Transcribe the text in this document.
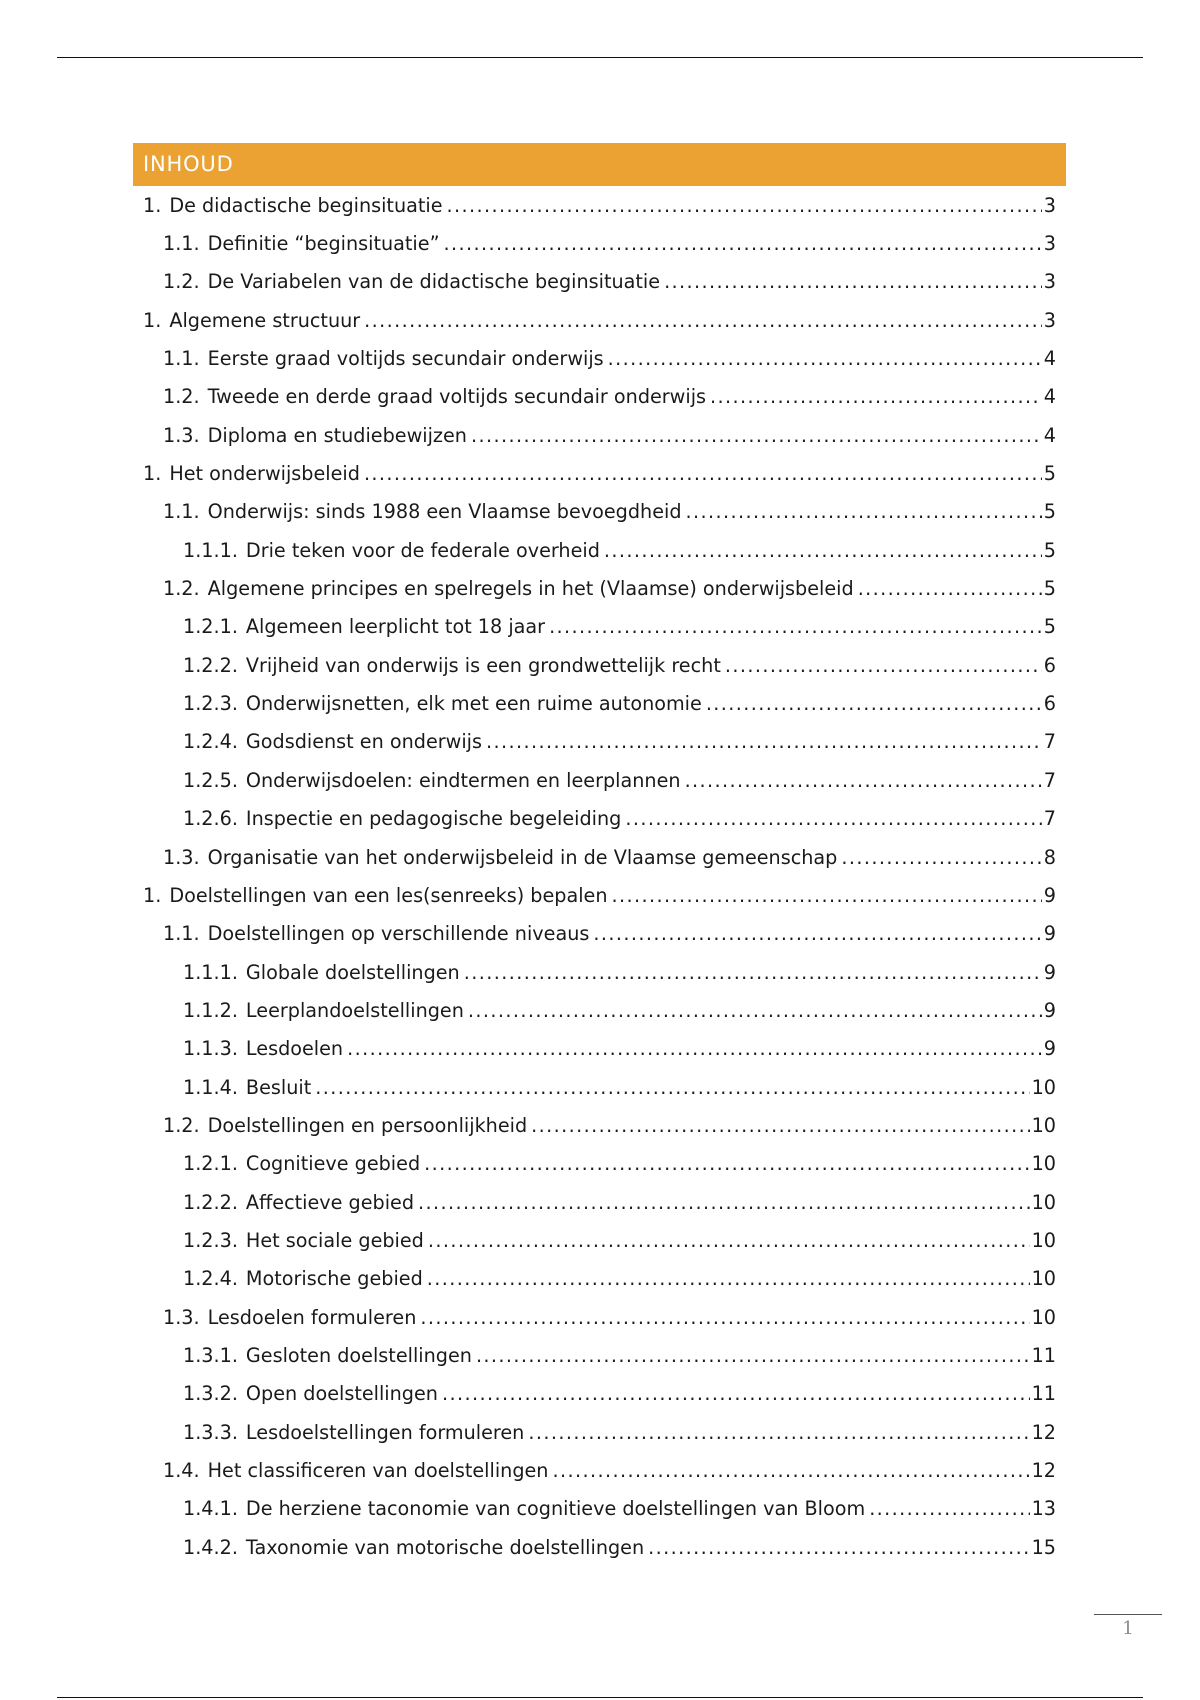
INHOUD
1. De didactische beginsituatie .....	3
1.1. Definitie “beginsituatie” .....	3
1.2. De Variabelen van de didactische beginsituatie .....	3
1. Algemene structuur .....	3
1.1. Eerste graad voltijds secundair onderwijs .....	4
1.2. Tweede en derde graad voltijds secundair onderwijs .....	4
1.3. Diploma en studiebewijzen .....	4
1. Het onderwijsbeleid .....	5
1.1. Onderwijs: sinds 1988 een Vlaamse bevoegdheid .....	5
1.1.1. Drie teken voor de federale overheid .....	5
1.2. Algemene principes en spelregels in het (Vlaamse) onderwijsbeleid .....	5
1.2.1. Algemeen leerplicht tot 18 jaar .....	5
1.2.2. Vrijheid van onderwijs is een grondwettelijk recht .....	6
1.2.3. Onderwijsnetten, elk met een ruime autonomie .....	6
1.2.4. Godsdienst en onderwijs .....	7
1.2.5. Onderwijsdoelen: eindtermen en leerplannen .....	7
1.2.6. Inspectie en pedagogische begeleiding .....	7
1.3. Organisatie van het onderwijsbeleid in de Vlaamse gemeenschap .....	8
1. Doelstellingen van een les(senreeks) bepalen .....	9
1.1. Doelstellingen op verschillende niveaus .....	9
1.1.1. Globale doelstellingen .....	9
1.1.2. Leerplandoelstellingen .....	9
1.1.3. Lesdoelen .....	9
1.1.4. Besluit .....	10
1.2. Doelstellingen en persoonlijkheid .....	10
1.2.1. Cognitieve gebied .....	10
1.2.2. Affectieve gebied .....	10
1.2.3. Het sociale gebied .....	10
1.2.4. Motorische gebied .....	10
1.3. Lesdoelen formuleren .....	10
1.3.1. Gesloten doelstellingen .....	11
1.3.2. Open doelstellingen .....	11
1.3.3. Lesdoelstellingen formuleren .....	12
1.4. Het classificeren van doelstellingen .....	12
1.4.1. De herziene taconomie van cognitieve doelstellingen van Bloom .....	13
1.4.2. Taxonomie van motorische doelstellingen .....	15
1
